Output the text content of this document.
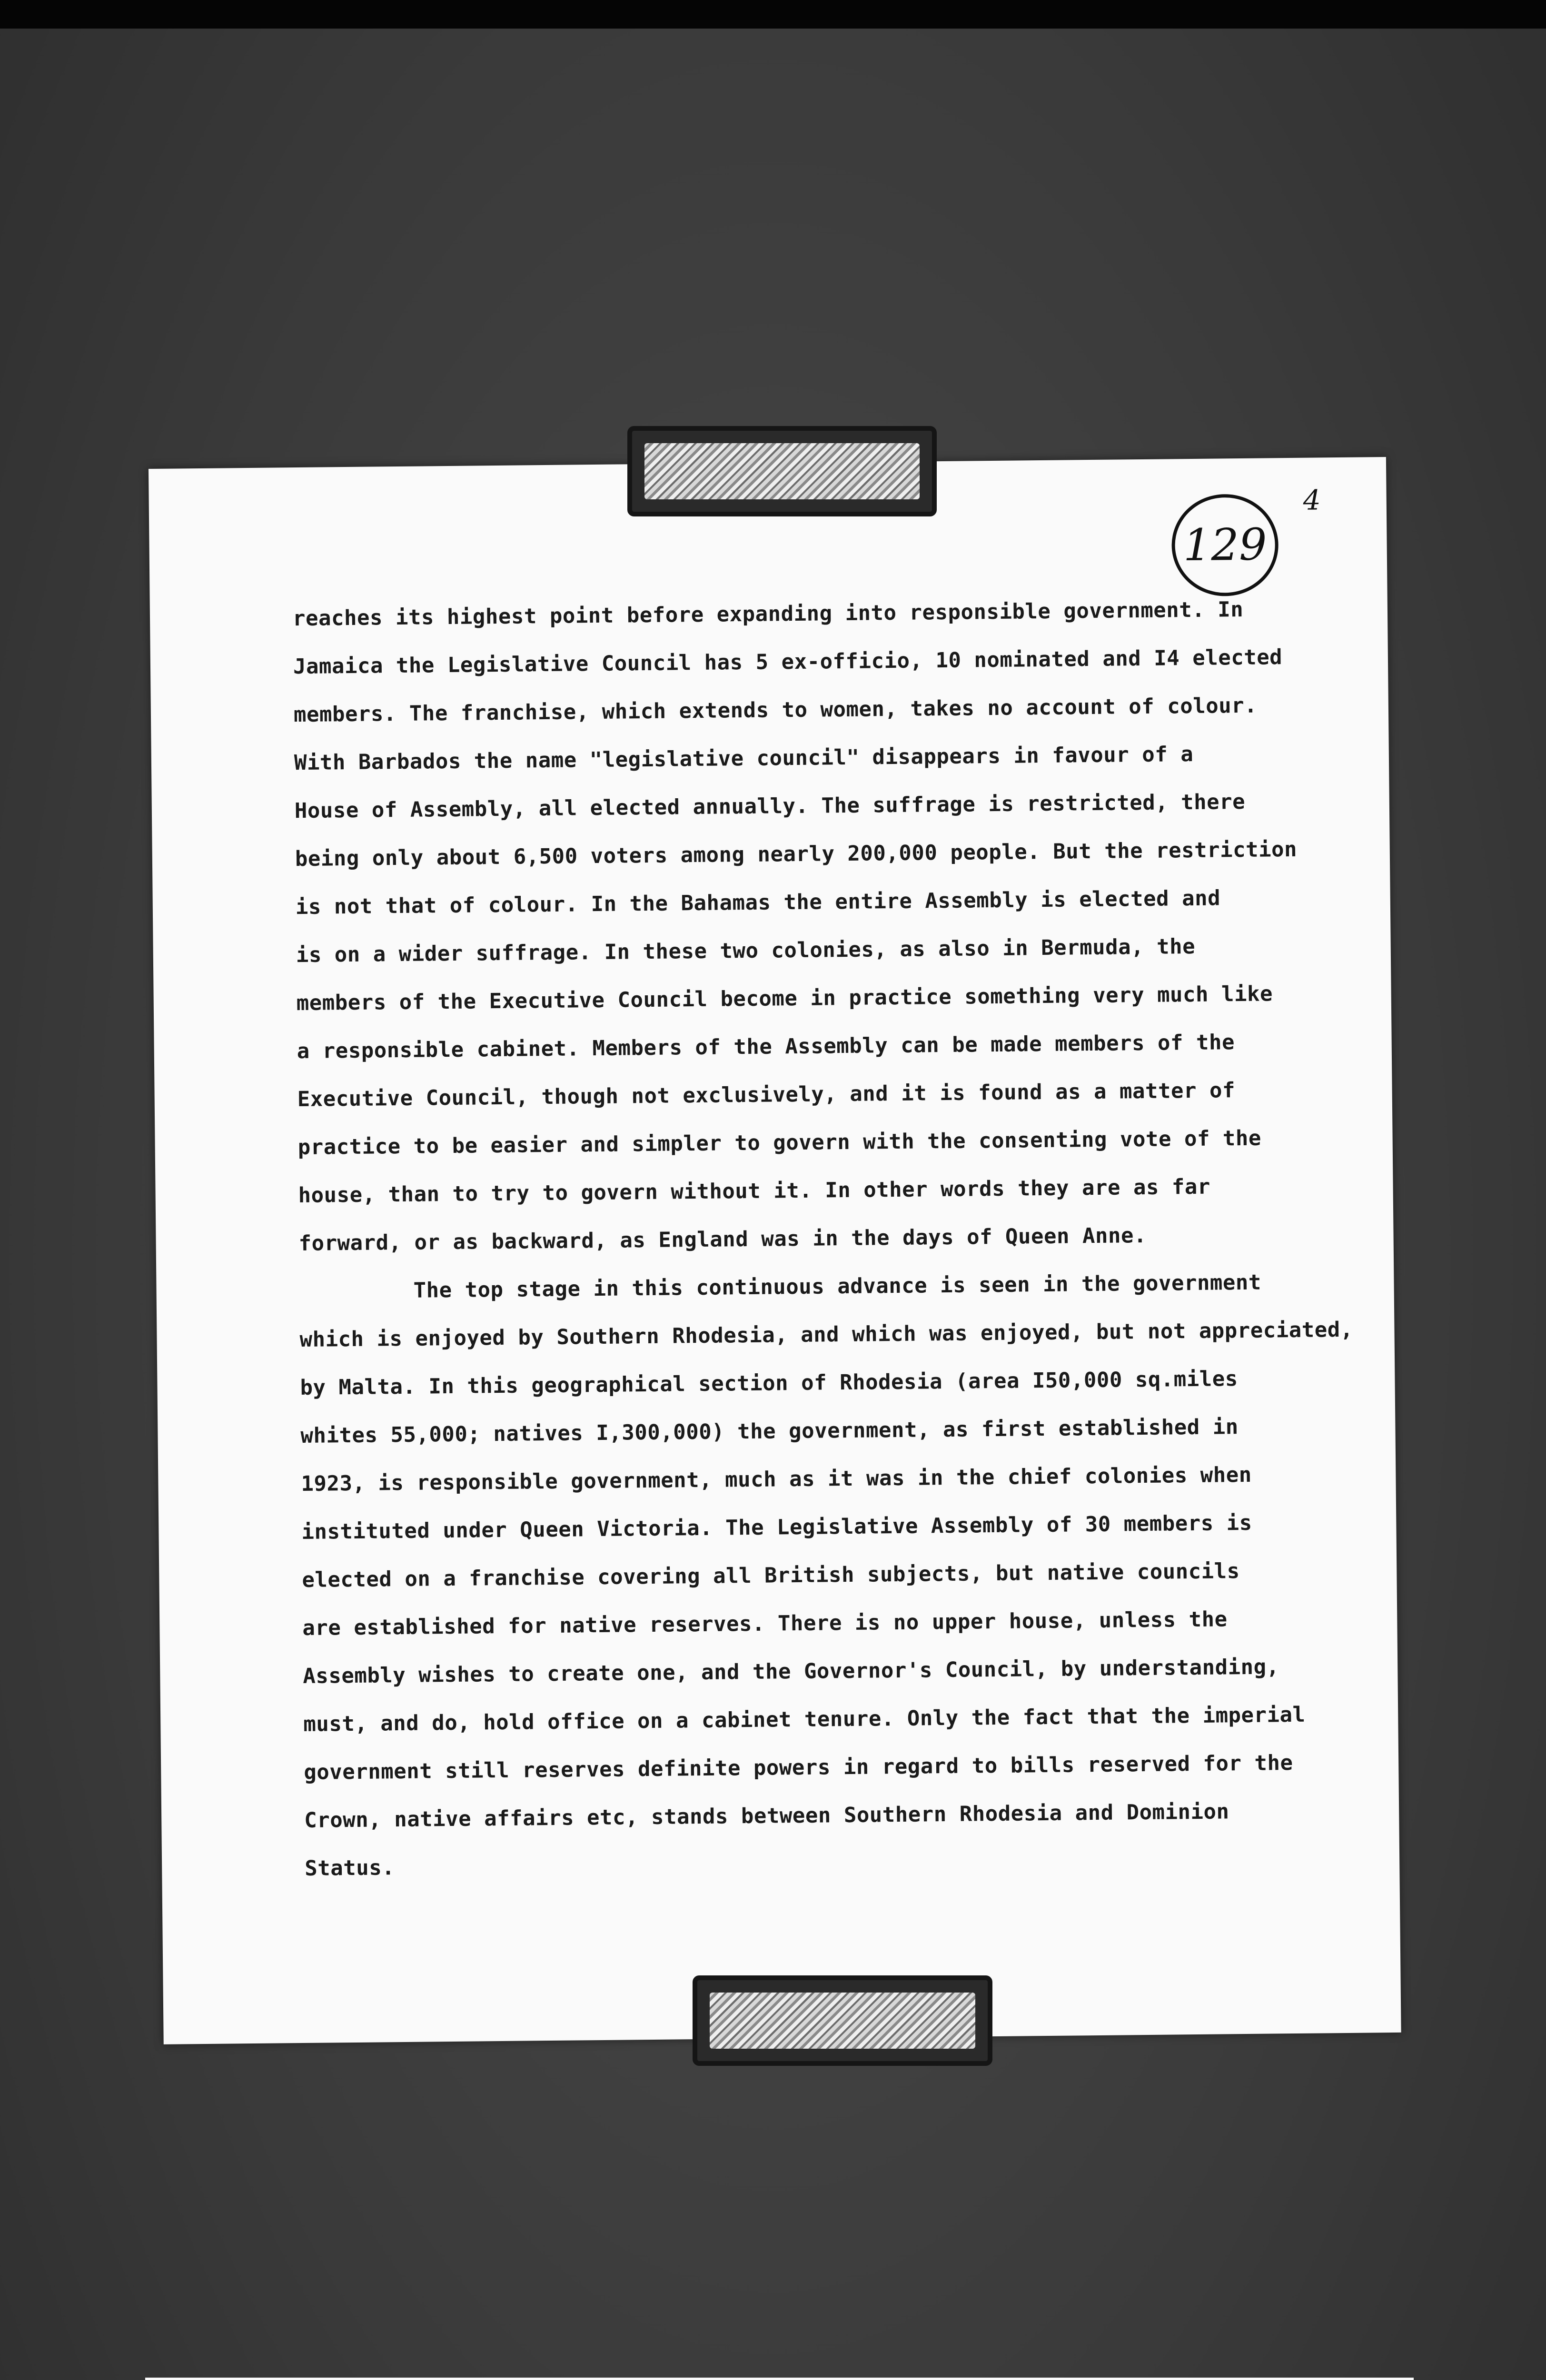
129
4
reaches its highest point before expanding into responsible government. In
Jamaica the Legislative Council has 5 ex-officio, 10 nominated and I4 elected
members. The franchise, which extends to women, takes no account of colour.
With Barbados the name "legislative council" disappears in favour of a
House of Assembly, all elected annually. The suffrage is restricted, there
being only about 6,500 voters among nearly 200,000 people. But the restriction
is not that of colour. In the Bahamas the entire Assembly is elected and
is on a wider suffrage. In these two colonies, as also in Bermuda, the
members of the Executive Council become in practice something very much like
a responsible cabinet. Members of the Assembly can be made members of the
Executive Council, though not exclusively, and it is found as a matter of
practice to be easier and simpler to govern with the consenting vote of the
house, than to try to govern without it. In other words they are as far
forward, or as backward, as England was in the days of Queen Anne.
The top stage in this continuous advance is seen in the government
which is enjoyed by Southern Rhodesia, and which was enjoyed, but not appreciated,
by Malta. In this geographical section of Rhodesia (area I50,000 sq.miles
whites 55,000; natives I,300,000) the government, as first established in
1923, is responsible government, much as it was in the chief colonies when
instituted under Queen Victoria. The Legislative Assembly of 30 members is
elected on a franchise covering all British subjects, but native councils
are established for native reserves. There is no upper house, unless the
Assembly wishes to create one, and the Governor's Council, by understanding,
must, and do, hold office on a cabinet tenure. Only the fact that the imperial
government still reserves definite powers in regard to bills reserved for the
Crown, native affairs etc, stands between Southern Rhodesia and Dominion
Status.
